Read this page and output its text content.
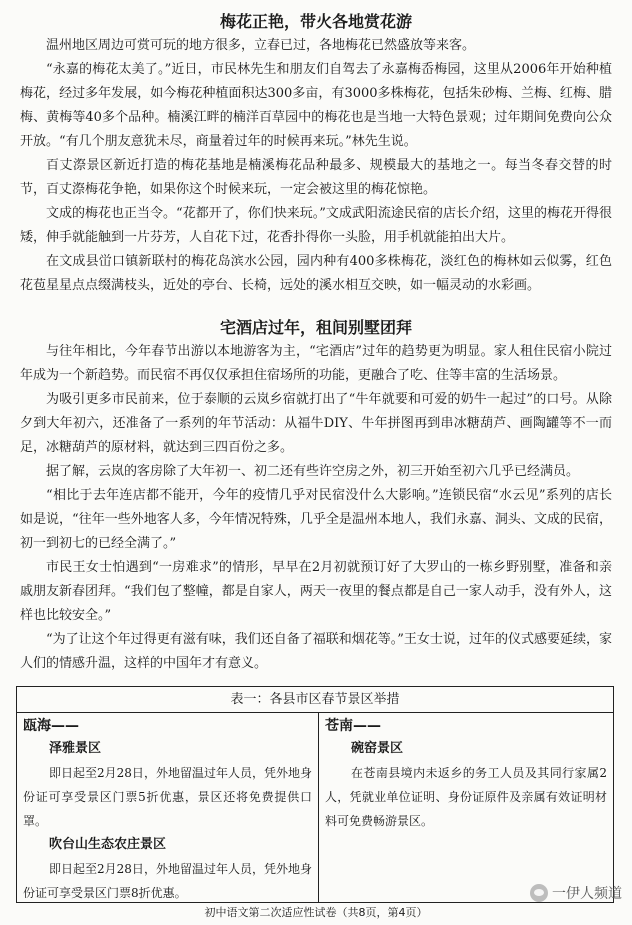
梅花正艳，带火各地赏花游

温州地区周边可赏可玩的地方很多，立春已过，各地梅花已然盛放等来客。

“永嘉的梅花太美了。”近日，市民林先生和朋友们自驾去了永嘉梅岙梅园，这里从2006年开始种植梅花，经过多年发展，如今梅花种植面积达300多亩，有3000多株梅花，包括朱砂梅、兰梅、红梅、腊梅、黄梅等40多个品种。楠溪江畔的楠洋百草园中的梅花也是当地一大特色景观；过年期间免费向公众开放。“有几个朋友意犹未尽，商量着过年的时候再来玩。”林先生说。

百丈漈景区新近打造的梅花基地是楠溪梅花品种最多、规模最大的基地之一。每当冬春交替的时节，百丈漈梅花争艳，如果你这个时候来玩，一定会被这里的梅花惊艳。

文成的梅花也正当令。“花都开了，你们快来玩。”文成武阳流途民宿的店长介绍，这里的梅花开得很矮，伸手就能触到一片芬芳，人自花下过，花香扑得你一头脸，用手机就能拍出大片。

在文成县峃口镇新联村的梅花岛滨水公园，园内种有400多株梅花，淡红色的梅林如云似雾，红色花苞星星点点缀满枝头，近处的亭台、长椅，远处的溪水相互交映，如一幅灵动的水彩画。

宅酒店过年，租间别墅团拜

与往年相比，今年春节出游以本地游客为主，“宅酒店”过年的趋势更为明显。家人租住民宿小院过年成为一个新趋势。而民宿不再仅仅承担住宿场所的功能，更融合了吃、住等丰富的生活场景。

为吸引更多市民前来，位于泰顺的云岚乡宿就打出了“牛年就要和可爱的奶牛一起过”的口号。从除夕到大年初六，还准备了一系列的年节活动：从福牛DIY、牛年拼图再到串冰糖葫芦、画陶罐等不一而足，冰糖葫芦的原材料，就达到三四百份之多。

据了解，云岚的客房除了大年初一、初二还有些许空房之外，初三开始至初六几乎已经满员。

“相比于去年连店都不能开，今年的疫情几乎对民宿没什么大影响。”连锁民宿“水云见”系列的店长如是说，“往年一些外地客人多，今年情况特殊，几乎全是温州本地人，我们永嘉、洞头、文成的民宿，初一到初七的已经全满了。”

市民王女士怕遇到“一房难求”的情形，早早在2月初就预订好了大罗山的一栋乡野别墅，准备和亲戚朋友新春团拜。“我们包了整幢，都是自家人，两天一夜里的餐点都是自己一家人动手，没有外人，这样也比较安全。”

“为了让这个年过得更有滋有味，我们还自备了福联和烟花等。”王女士说，过年的仪式感要延续，家人们的情感升温，这样的中国年才有意义。

表一：各县市区春节景区举措
瓯海——
泽雅景区

即日起至2月28日，外地留温过年人员，凭外地身份证可享受景区门票5折优惠，景区还将免费提供口罩。

吹台山生态农庄景区

即日起至2月28日，外地留温过年人员，凭外地身份证可享受景区门票8折优惠。

苍南——
碗窑景区

在苍南县境内未返乡的务工人员及其同行家属2人，凭就业单位证明、身份证原件及亲属有效证明材料可免费畅游景区。

一伊人频道
初中语文第二次适应性试卷（共8页，第4页）
